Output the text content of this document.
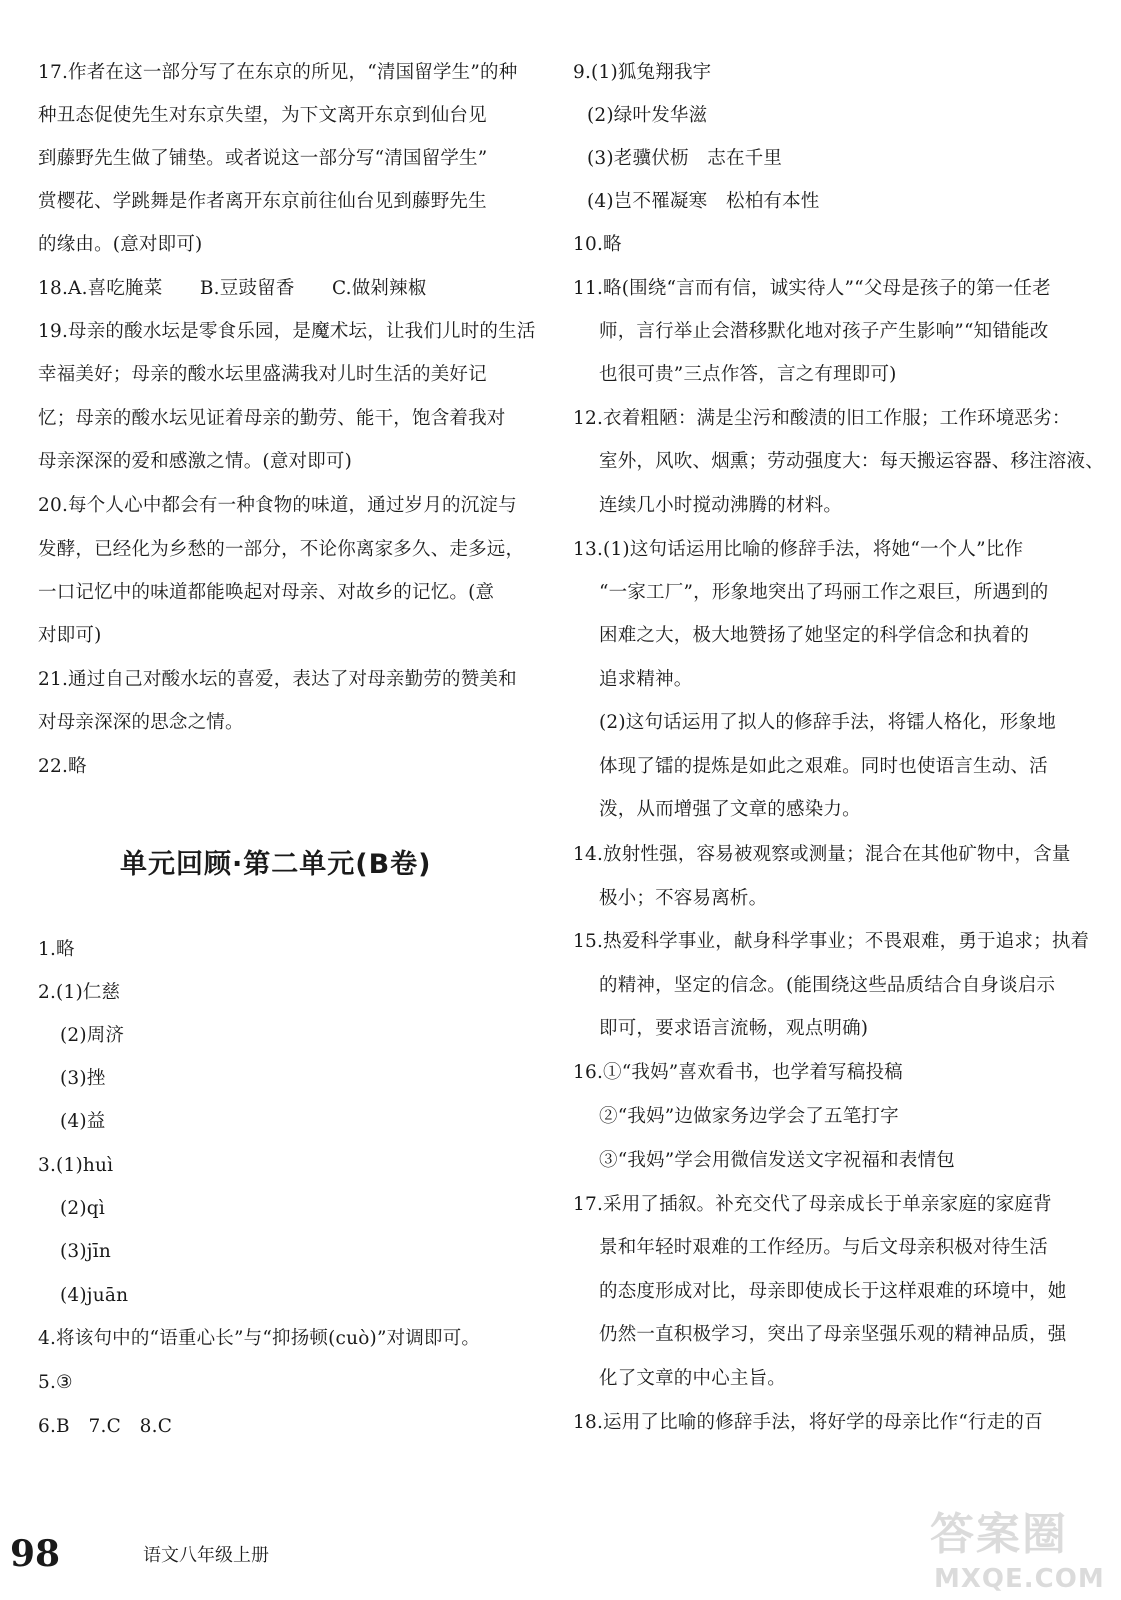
17.作者在这一部分写了在东京的所见，“清国留学生”的种
种丑态促使先生对东京失望，为下文离开东京到仙台见
到藤野先生做了铺垫。或者说这一部分写“清国留学生”
赏樱花、学跳舞是作者离开东京前往仙台见到藤野先生
的缘由。(意对即可)
18.A.喜吃腌菜　　B.豆豉留香　　C.做剁辣椒
19.母亲的酸水坛是零食乐园，是魔术坛，让我们儿时的生活
幸福美好；母亲的酸水坛里盛满我对儿时生活的美好记
忆；母亲的酸水坛见证着母亲的勤劳、能干，饱含着我对
母亲深深的爱和感激之情。(意对即可)
20.每个人心中都会有一种食物的味道，通过岁月的沉淀与
发酵，已经化为乡愁的一部分，不论你离家多久、走多远，
一口记忆中的味道都能唤起对母亲、对故乡的记忆。(意
对即可)
21.通过自己对酸水坛的喜爱，表达了对母亲勤劳的赞美和
对母亲深深的思念之情。
22.略
1.略
2.(1)仁慈
(2)周济
(3)挫
(4)益
3.(1)huì
(2)qì
(3)jīn
(4)juān
4.将该句中的“语重心长”与“抑扬顿(cuò)”对调即可。
5.③
6.B　7.C　8.C
9.(1)狐兔翔我宇
(2)绿叶发华滋
(3)老骥伏枥　志在千里
(4)岂不罹凝寒　松柏有本性
10.略
11.略(围绕“言而有信，诚实待人”“父母是孩子的第一任老
师，言行举止会潜移默化地对孩子产生影响”“知错能改
也很可贵”三点作答，言之有理即可)
12.衣着粗陋：满是尘污和酸渍的旧工作服；工作环境恶劣：
室外，风吹、烟熏；劳动强度大：每天搬运容器、移注溶液、
连续几小时搅动沸腾的材料。
13.(1)这句话运用比喻的修辞手法，将她“一个人”比作
“一家工厂”，形象地突出了玛丽工作之艰巨，所遇到的
困难之大，极大地赞扬了她坚定的科学信念和执着的
追求精神。
(2)这句话运用了拟人的修辞手法，将镭人格化，形象地
体现了镭的提炼是如此之艰难。同时也使语言生动、活
泼，从而增强了文章的感染力。
14.放射性强，容易被观察或测量；混合在其他矿物中，含量
极小；不容易离析。
15.热爱科学事业，献身科学事业；不畏艰难，勇于追求；执着
的精神，坚定的信念。(能围绕这些品质结合自身谈启示
即可，要求语言流畅，观点明确)
16.①“我妈”喜欢看书，也学着写稿投稿
②“我妈”边做家务边学会了五笔打字
③“我妈”学会用微信发送文字祝福和表情包
17.采用了插叙。补充交代了母亲成长于单亲家庭的家庭背
景和年轻时艰难的工作经历。与后文母亲积极对待生活
的态度形成对比，母亲即使成长于这样艰难的环境中，她
仍然一直积极学习，突出了母亲坚强乐观的精神品质，强
化了文章的中心主旨。
18.运用了比喻的修辞手法，将好学的母亲比作“行走的百
单元回顾·第二单元(B卷)
98	语文八年级上册	答案圈
MXQE.COM
